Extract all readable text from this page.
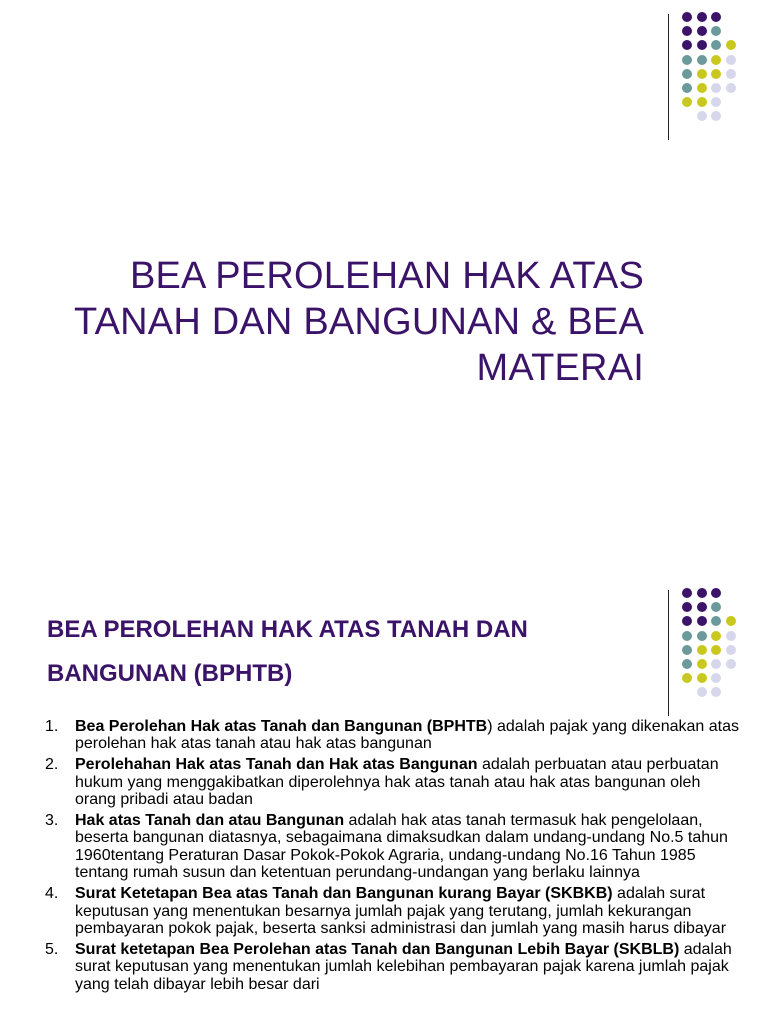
BEA PEROLEHAN HAK ATAS
TANAH DAN BANGUNAN & BEA
MATERAI
BEA PEROLEHAN HAK ATAS TANAH DAN
BANGUNAN (BPHTB)
1. Bea Perolehan Hak atas Tanah dan Bangunan (BPHTB) adalah pajak yang dikenakan atas perolehan hak atas tanah atau hak atas bangunan
2. Perolehahan Hak atas Tanah dan Hak atas Bangunan adalah perbuatan atau perbuatan hukum yang menggakibatkan diperolehnya hak atas tanah atau hak atas bangunan oleh orang pribadi atau badan
3. Hak atas Tanah dan atau Bangunan adalah hak atas tanah termasuk hak pengelolaan, beserta bangunan diatasnya, sebagaimana dimaksudkan dalam undang-undang No.5 tahun 1960tentang Peraturan Dasar Pokok-Pokok Agraria, undang-undang No.16 Tahun 1985 tentang rumah susun dan ketentuan perundang-undangan yang berlaku lainnya
4. Surat Ketetapan Bea atas Tanah dan Bangunan kurang Bayar (SKBKB) adalah surat keputusan yang menentukan besarnya jumlah pajak yang terutang, jumlah kekurangan pembayaran pokok pajak, beserta sanksi administrasi dan jumlah yang masih harus dibayar
5. Surat ketetapan Bea Perolehan atas Tanah dan Bangunan Lebih Bayar (SKBLB) adalah surat keputusan yang menentukan jumlah kelebihan pembayaran pajak karena jumlah pajak yang telah dibayar lebih besar dari
